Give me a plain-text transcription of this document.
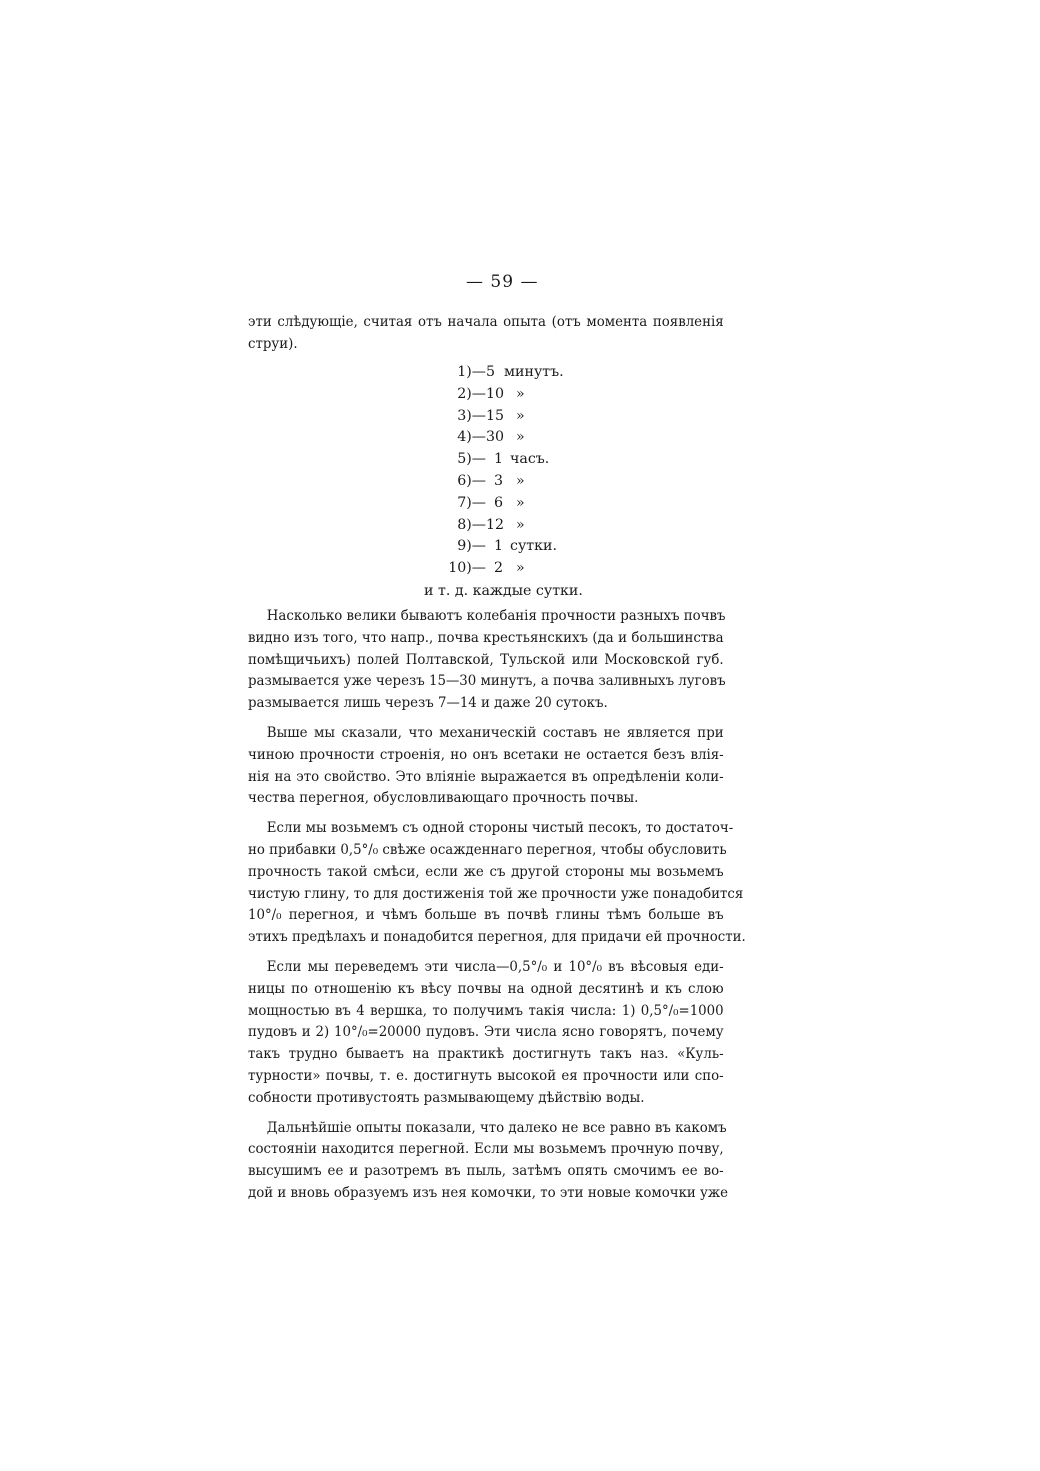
— 59 —
эти слѣдующіе, считая отъ начала опыта (отъ момента появленія
струи).
1)— 5 минутъ.
2)— 10 »
3)— 15 »
4)— 30 »
5)— 1 часъ.
6)— 3 »
7)— 6 »
8)— 12 »
9)— 1 сутки.
10)— 2 »
и т. д. каждые сутки.
Насколько велики бываютъ колебанія прочности разныхъ почвъ
видно изъ того, что напр., почва крестьянскихъ (да и большинства
помѣщичьихъ) полей Полтавской, Тульской или Московской губ.
размывается уже черезъ 15—30 минутъ, а почва заливныхъ луговъ
размывается лишь черезъ 7—14 и даже 20 сутокъ.
Выше мы сказали, что механическій составъ не является при
чиною прочности строенія, но онъ всетаки не остается безъ влія-
нія на это свойство. Это вліяніе выражается въ опредѣленіи коли-
чества перегноя, обусловливающаго прочность почвы.
Если мы возьмемъ съ одной стороны чистый песокъ, то достаточ-
но прибавки 0,5°/₀ свѣже осажденнаго перегноя, чтобы обусловить
прочность такой смѣси, если же съ другой стороны мы возьмемъ
чистую глину, то для достиженія той же прочности уже понадобится
10°/₀ перегноя, и чѣмъ больше въ почвѣ глины тѣмъ больше въ
этихъ предѣлахъ и понадобится перегноя, для придачи ей прочности.
Если мы переведемъ эти числа—0,5°/₀ и 10°/₀ въ вѣсовыя еди-
ницы по отношенію къ вѣсу почвы на одной десятинѣ и къ слою
мощностью въ 4 вершка, то получимъ такія числа: 1) 0,5°/₀=1000
пудовъ и 2) 10°/₀=20000 пудовъ. Эти числа ясно говорятъ, почему
такъ трудно бываетъ на практикѣ достигнуть такъ наз. «Куль-
турности» почвы, т. е. достигнуть высокой ея прочности или спо-
собности противустоять размывающему дѣйствію воды.
Дальнѣйшіе опыты показали, что далеко не все равно въ какомъ
состояніи находится перегной. Если мы возьмемъ прочную почву,
высушимъ ее и разотремъ въ пыль, затѣмъ опять смочимъ ее во-
дой и вновь образуемъ изъ нея комочки, то эти новые комочки уже
